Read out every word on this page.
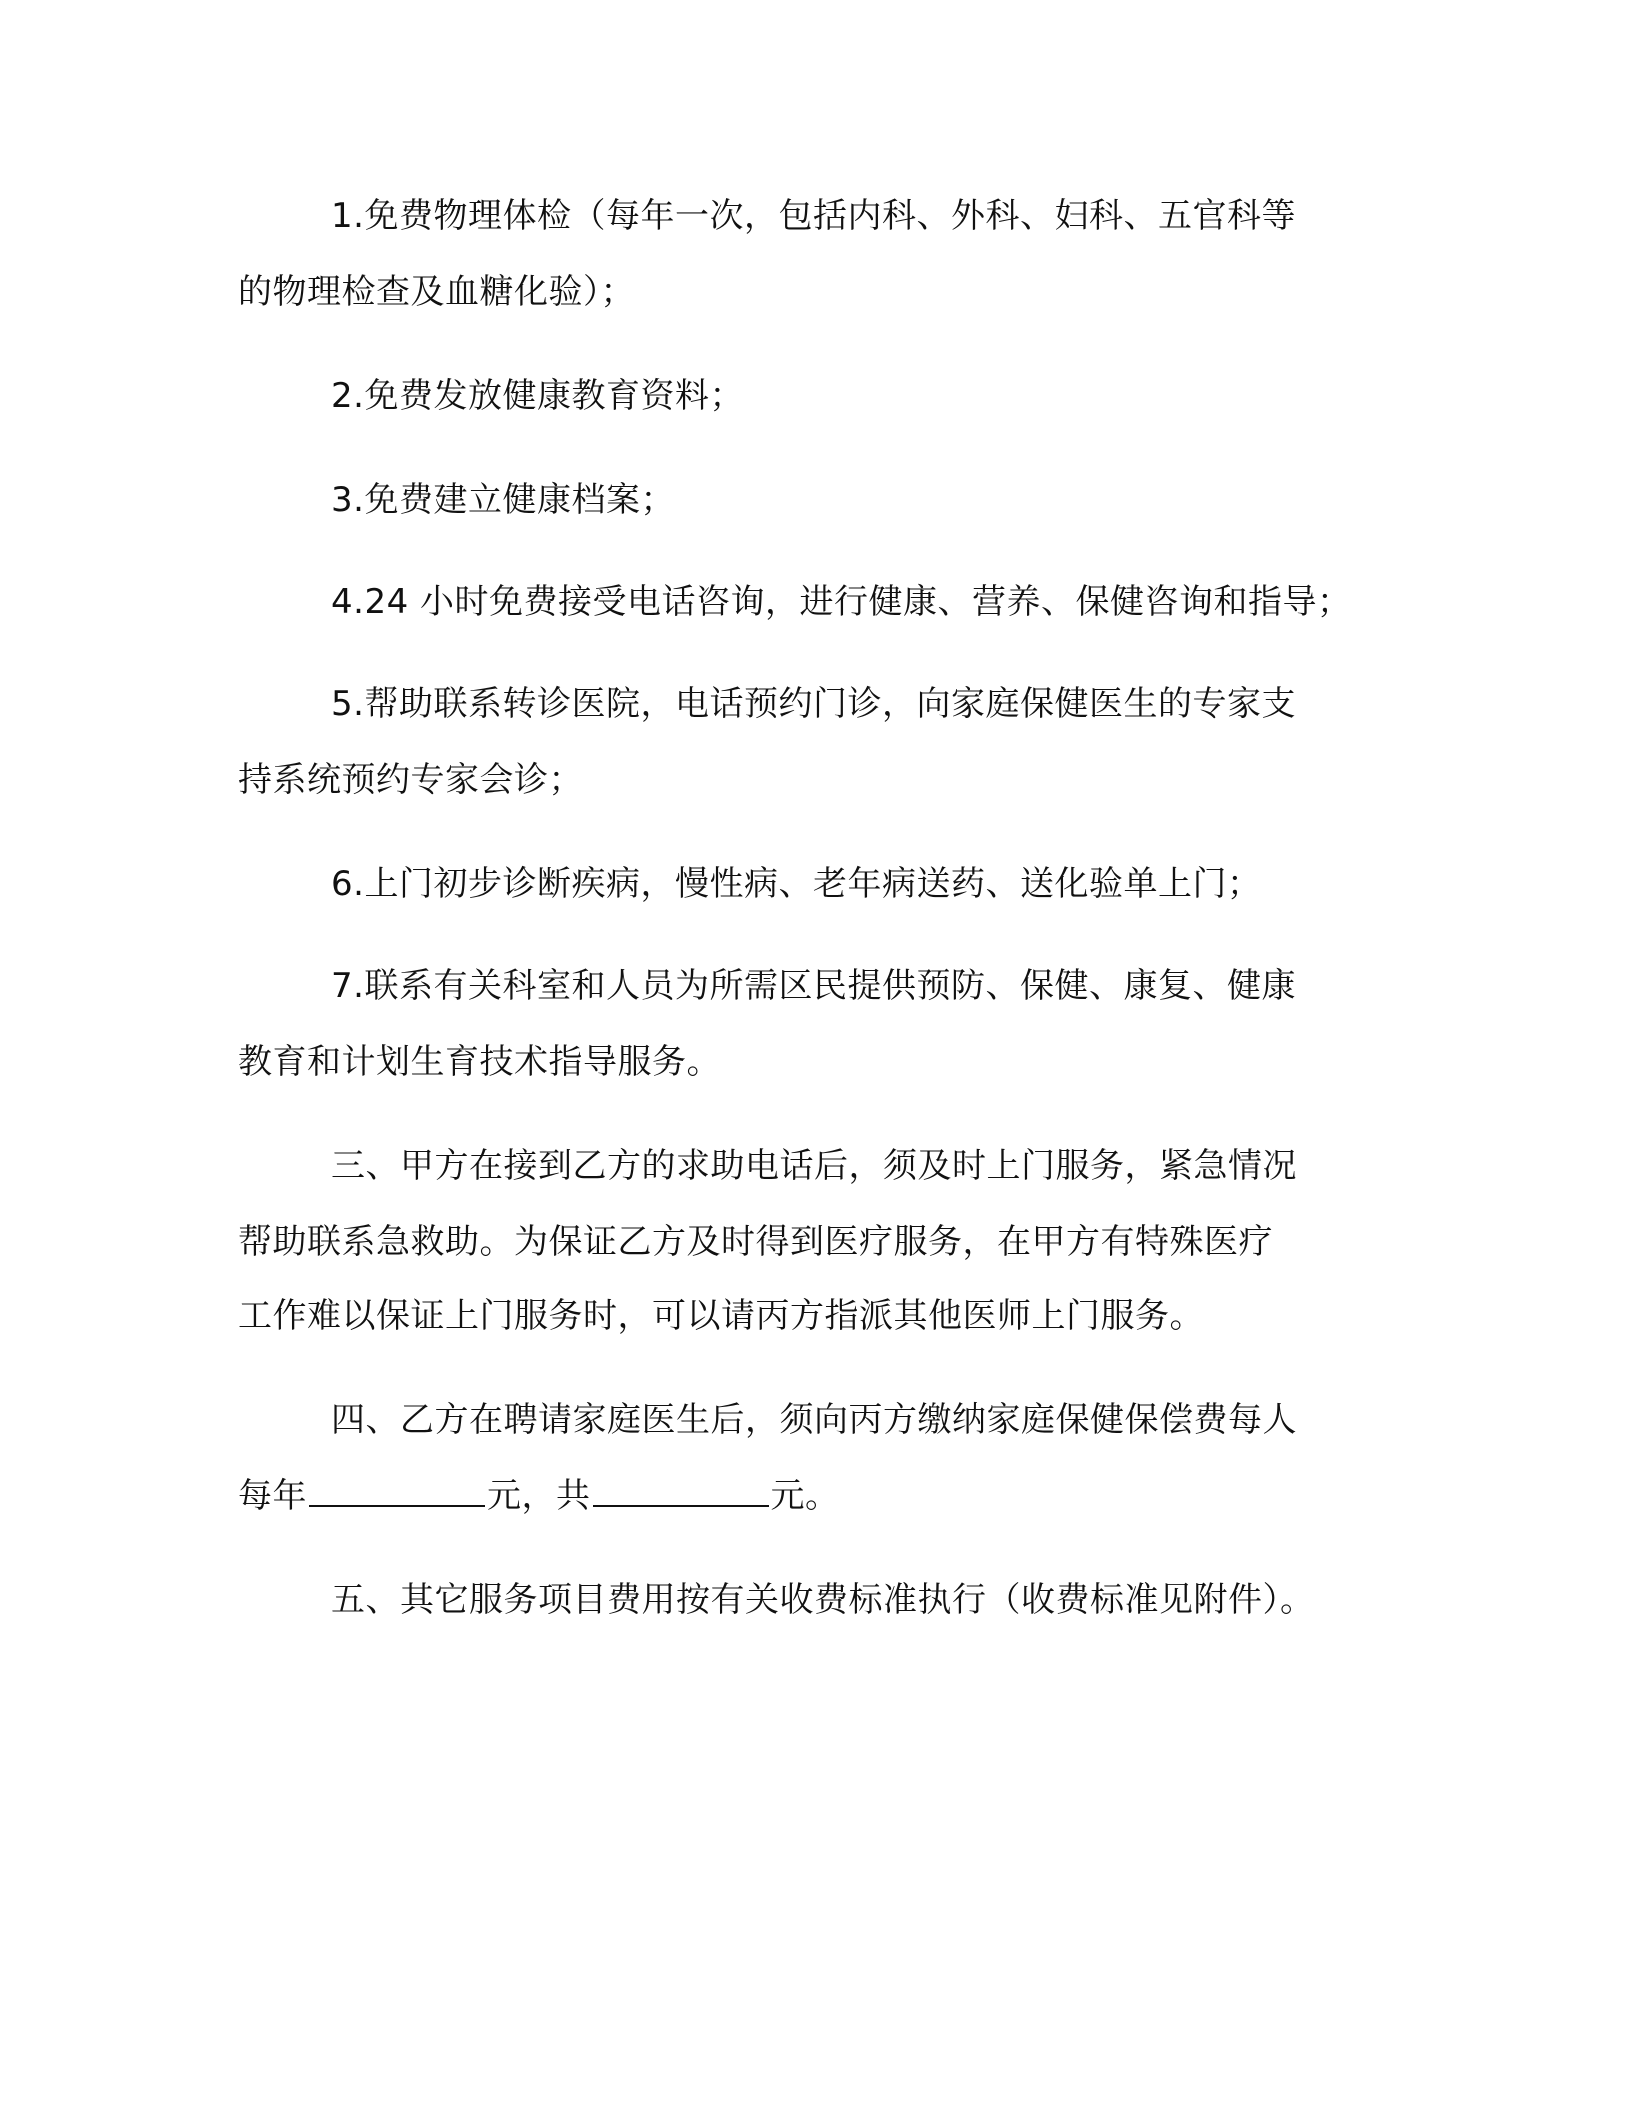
1.免费物理体检（每年一次，包括内科、外科、妇科、五官科等
的物理检查及血糖化验）；
2.免费发放健康教育资料；
3.免费建立健康档案；
4.24 小时免费接受电话咨询，进行健康、营养、保健咨询和指导；
5.帮助联系转诊医院，电话预约门诊，向家庭保健医生的专家支
持系统预约专家会诊；
6.上门初步诊断疾病，慢性病、老年病送药、送化验单上门；
7.联系有关科室和人员为所需区民提供预防、保健、康复、健康
教育和计划生育技术指导服务。
三、甲方在接到乙方的求助电话后，须及时上门服务，紧急情况
帮助联系急救助。为保证乙方及时得到医疗服务，在甲方有特殊医疗
工作难以保证上门服务时，可以请丙方指派其他医师上门服务。
四、乙方在聘请家庭医生后，须向丙方缴纳家庭保健保偿费每人
每年	元，共	元。
五、其它服务项目费用按有关收费标准执行（收费标准见附件）。
